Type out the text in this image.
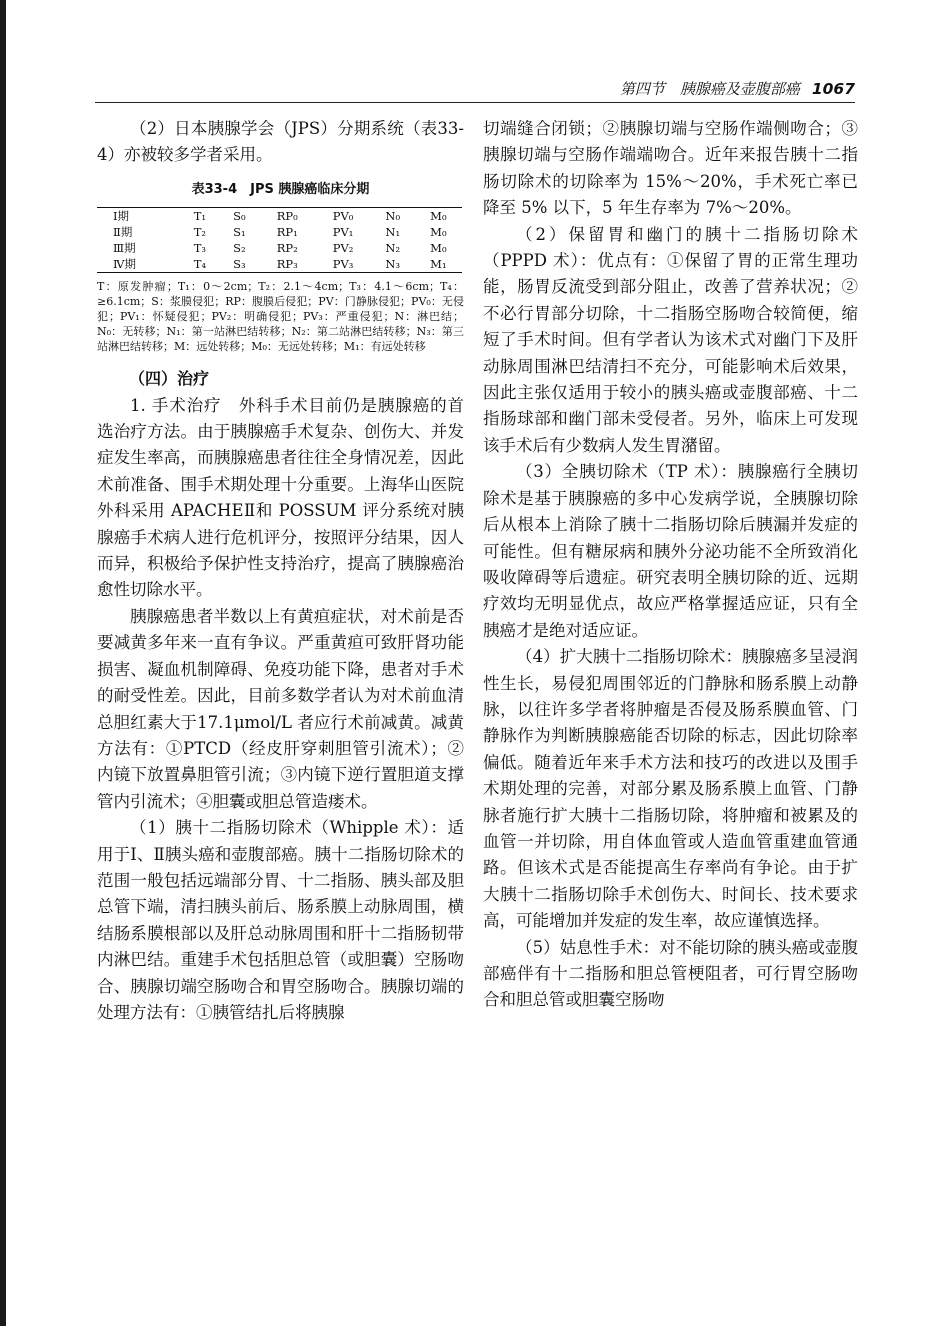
第四节　胰腺癌及壶腹部癌 1067

（2）日本胰腺学会（JPS）分期系统（表33-4）亦被较多学者采用。

表33-4　JPS 胰腺癌临床分期
Ⅰ期	T₁	S₀	RP₀	PV₀	N₀	M₀
Ⅱ期	T₂	S₁	RP₁	PV₁	N₁	M₀
Ⅲ期	T₃	S₂	RP₂	PV₂	N₂	M₀
Ⅳ期	T₄	S₃	RP₃	PV₃	N₃	M₁
T：原发肿瘤；T₁：0～2cm；T₂：2.1～4cm；T₃：4.1～6cm；T₄：≥6.1cm；S：浆膜侵犯；RP：腹膜后侵犯；PV：门静脉侵犯；PV₀：无侵犯；PV₁：怀疑侵犯；PV₂：明确侵犯；PV₃：严重侵犯；N：淋巴结；N₀：无转移；N₁：第一站淋巴结转移；N₂：第二站淋巴结转移；N₃：第三站淋巴结转移；M：远处转移；M₀：无远处转移；M₁：有远处转移
（四）治疗

1. 手术治疗　外科手术目前仍是胰腺癌的首选治疗方法。由于胰腺癌手术复杂、创伤大、并发症发生率高，而胰腺癌患者往往全身情况差，因此术前准备、围手术期处理十分重要。上海华山医院外科采用 APACHEⅡ和 POSSUM 评分系统对胰腺癌手术病人进行危机评分，按照评分结果，因人而异，积极给予保护性支持治疗，提高了胰腺癌治愈性切除水平。

胰腺癌患者半数以上有黄疸症状，对术前是否要减黄多年来一直有争议。严重黄疸可致肝肾功能损害、凝血机制障碍、免疫功能下降，患者对手术的耐受性差。因此，目前多数学者认为对术前血清总胆红素大于17.1μmol/L 者应行术前减黄。减黄方法有：①PTCD（经皮肝穿刺胆管引流术）；②内镜下放置鼻胆管引流；③内镜下逆行置胆道支撑管内引流术；④胆囊或胆总管造瘘术。

（1）胰十二指肠切除术（Whipple 术）：适用于Ⅰ、Ⅱ胰头癌和壶腹部癌。胰十二指肠切除术的范围一般包括远端部分胃、十二指肠、胰头部及胆总管下端，清扫胰头前后、肠系膜上动脉周围，横结肠系膜根部以及肝总动脉周围和肝十二指肠韧带内淋巴结。重建手术包括胆总管（或胆囊）空肠吻合、胰腺切端空肠吻合和胃空肠吻合。胰腺切端的处理方法有：①胰管结扎后将胰腺

切端缝合闭锁；②胰腺切端与空肠作端侧吻合；③胰腺切端与空肠作端端吻合。近年来报告胰十二指肠切除术的切除率为 15%～20%，手术死亡率已降至 5% 以下，5 年生存率为 7%～20%。

（2）保留胃和幽门的胰十二指肠切除术（PPPD 术）：优点有：①保留了胃的正常生理功能，肠胃反流受到部分阻止，改善了营养状况；②不必行胃部分切除，十二指肠空肠吻合较简便，缩短了手术时间。但有学者认为该术式对幽门下及肝动脉周围淋巴结清扫不充分，可能影响术后效果，因此主张仅适用于较小的胰头癌或壶腹部癌、十二指肠球部和幽门部未受侵者。另外，临床上可发现该手术后有少数病人发生胃潴留。

（3）全胰切除术（TP 术）：胰腺癌行全胰切除术是基于胰腺癌的多中心发病学说，全胰腺切除后从根本上消除了胰十二指肠切除后胰漏并发症的可能性。但有糖尿病和胰外分泌功能不全所致消化吸收障碍等后遗症。研究表明全胰切除的近、远期疗效均无明显优点，故应严格掌握适应证，只有全胰癌才是绝对适应证。

（4）扩大胰十二指肠切除术：胰腺癌多呈浸润性生长，易侵犯周围邻近的门静脉和肠系膜上动静脉，以往许多学者将肿瘤是否侵及肠系膜血管、门静脉作为判断胰腺癌能否切除的标志，因此切除率偏低。随着近年来手术方法和技巧的改进以及围手术期处理的完善，对部分累及肠系膜上血管、门静脉者施行扩大胰十二指肠切除，将肿瘤和被累及的血管一并切除，用自体血管或人造血管重建血管通路。但该术式是否能提高生存率尚有争论。由于扩大胰十二指肠切除手术创伤大、时间长、技术要求高，可能增加并发症的发生率，故应谨慎选择。

（5）姑息性手术：对不能切除的胰头癌或壶腹部癌伴有十二指肠和胆总管梗阻者，可行胃空肠吻合和胆总管或胆囊空肠吻
